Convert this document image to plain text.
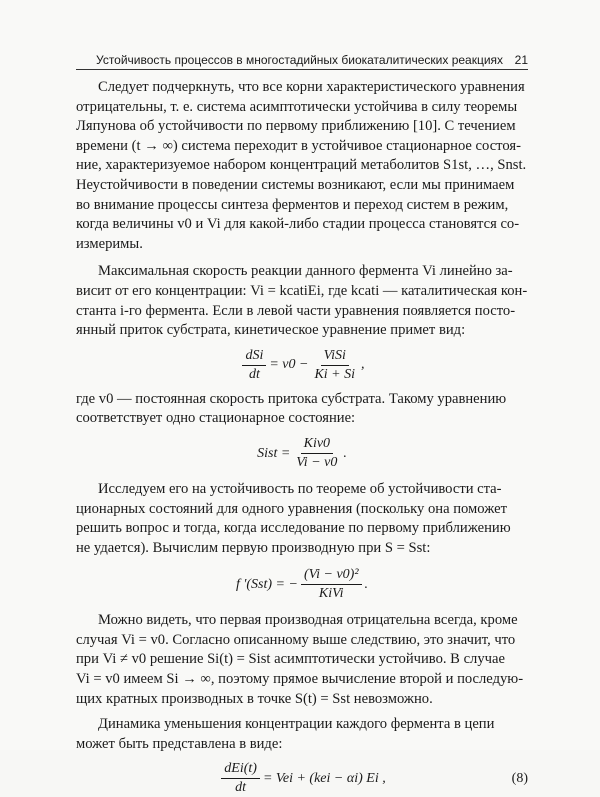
Устойчивость процессов в многостадийных биокаталитических реакциях 21

Следует подчеркнуть, что все корни характеристического уравнения

отрицательны, т. е. система асимптотически устойчива в силу теоремы

Ляпунова об устойчивости по первому приближению [10]. С течением

времени (t → ∞) система переходит в устойчивое стационарное состоя-

ние, характеризуемое набором концентраций метаболитов S1st, …, Snst.

Неустойчивости в поведении системы возникают, если мы принимаем

во внимание процессы синтеза ферментов и переход систем в режим,

когда величины v0 и Vi для какой-либо стадии процесса становятся со-

измеримы.

Максимальная скорость реакции данного фермента Vi линейно за-

висит от его концентрации: Vi = kcatiEi, где kcati — каталитическая кон-

станта i-го фермента. Если в левой части уравнения появляется посто-

янный приток субстрата, кинетическое уравнение примет вид:

$\frac{\text{dSi}}{dt} = v0 - \frac{\text{ViSi}}{Ki + Si}$ ,

где v0 — постоянная скорость притока субстрата. Такому уравнению

соответствует одно стационарное состояние:

Sist = $\frac{\text{Kiv0}}{Vi - v0}$ .

Исследуем его на устойчивость по теореме об устойчивости ста-

ционарных состояний для одного уравнения (поскольку она поможет

решить вопрос и тогда, когда исследование по первому приближению

не удается). Вычислим первую производную при S = Sst:

f ′(Sst) = − $\frac{\text{(Vi − v0)²}}{\text{KiVi}}$ .

Можно видеть, что первая производная отрицательна всегда, кроме

случая Vi = v0. Согласно описанному выше следствию, это значит, что

при Vi ≠ v0 решение Si(t) = Sist асимптотически устойчиво. В случае

Vi = v0 имеем Si → ∞, поэтому прямое вычисление второй и последую-

щих кратных производных в точке S(t) = Sst невозможно.

Динамика уменьшения концентрации каждого фермента в цепи

может быть представлена в виде:

$\frac{\text{dEi(t)}}{dt}$ = Vei + (kei − αi) Ei ,	(8)
